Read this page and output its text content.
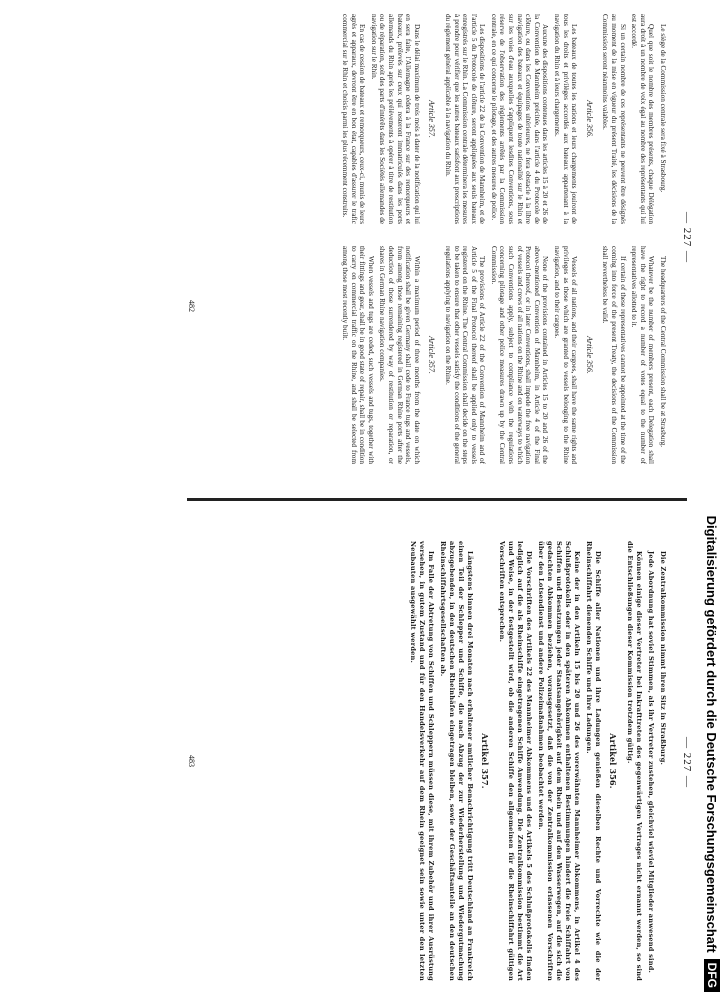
— 227 —

Le siège de la Commission centrale sera fixé à Strasbourg.

Quel que soit le nombre des membres présents, chaque Délégation aura droit à un nombre de voix égal au nombre des représentants qui lui est accordé.

Si un certain nombre de ces représentants ne peuvent être désignés au moment de la mise en vigueur du présent Traité, les décisions de la Commission seront néanmoins valables.

Article 356.

Les bateaux de toutes les nations et leurs chargements jouiront de tous les droits et privilèges accordés aux bateaux appartenant à la navigation du Rhin et à leurs chargements.

Aucune des dispositions contenues dans les articles 15 à 20 et 26 de la Convention de Mannheim précitée, dans l'article 4 du Protocole de clôture, ou dans les Conventions ultérieures, ne fera obstacle à la libre navigation des bateaux et équipages de toute nationalité sur le Rhin et sur les voies d'eau auxquelles s'appliquent lesdites Conventions, sous réserve de l'observation des règlements arrêtés par la Commission centrale, en ce qui concerne le pilotage, et des autres mesures de police.

Les dispositions de l'article 22 de la Convention de Mannheim, et de l'article 5 du Protocole de clôture, seront appliquées aux seuls bateaux enregistrés sur le Rhin. La Commission centrale déterminera les mesures à prendre pour vérifier que les autres bateaux satisfont aux prescriptions du règlement général applicable à la navigation du Rhin.

Article 357.

Dans le délai maximum de trois mois à dater de la notification qui lui en sera faite, l'Allemagne cèdera à la France sur des remorqueurs et bateaux, prélevés sur ceux qui resteront immatriculés dans les ports allemands du Rhin après les prélèvements à opérer à titre de restitution ou de réparation, soit des parts d'intérêts dans les Sociétés allemandes de navigation sur le Rhin.

En cas de cession de bateaux et remorqueurs, ceux-ci, munis de leurs agrès et apparaux, devront être en bon état, capables d'assurer le trafic commercial sur le Rhin et choisis parmi les plus récemment construits.

The headquarters of the Central Commission shall be at Strasburg.

Whatever be the number of members present, each Delegation shall have the right to record a number of votes equal to the number of representatives allotted to it.

If certain of these representatives cannot be appointed at the time of the coming into force of the present Treaty, the decisions of the Commission shall nevertheless be valid.

Article 356.

Vessels of all nations, and their cargoes, shall have the same rights and privileges as those which are granted to vessels belonging to the Rhine navigation, and to their cargoes.

None of the provisions contained in Articles 15 to 20 and 26 of the above-mentioned Convention of Mannheim, in Article 4 of the Final Protocol thereof, or in later Conventions, shall impede the free navigation of vessels and crews of all nations on the Rhine and on waterways to which such Conventions apply, subject to compliance with the regulations concerning pilotage and other police measures drawn up by the Central Commission.

The provisions of Article 22 of the Convention of Mannheim and of Article 5 of the Final Protocol thereof shall be applied only to vessels registered on the Rhine. The Central Commission shall decide on the steps to be taken to ensure that other vessels satisfy the conditions of the general regulations applying to navigation on the Rhine.

Article 357.

Within a maximum period of three months from the date on which notification shall be given Germany shall cede to France tugs and vessels, from among those remaining registered in German Rhine ports after the deduction of those surrendered by way of restitution or reparation, or shares in German Rhine navigation companies.

When vessels and tugs are ceded, such vessels and tugs, together with their fittings and gear, shall be in good state of repair, shall be in condition to carry on commercial traffic on the Rhine, and shall be selected from among those most recently built.

482
— 227 —

Die Zentralkommission nimmt ihren Sitz in Straßburg.

Jede Abordnung hat soviel Stimmen, als ihr Vertreter zustehen, gleichviel wieviel Mitglieder anwesend sind.

Können einige dieser Vertreter bei Inkrafttreten des gegenwärtigen Vertrages nicht ernannt werden, so sind die Entschließungen dieser Kommission trotzdem gültig.

Artikel 356.

Die Schiffe aller Nationen und ihre Ladungen genießen dieselben Rechte und Vorrechte wie die der Rheinschiffahrt dienenden Schiffe und ihre Ladungen.

Keine der in den Artikeln 15 bis 20 und 26 des vorerwähnten Mannheimer Abkommens, in Artikel 4 des Schlußprotokolls oder in den späteren Abkommen enthaltenen Bestimmungen hindert die freie Schiffahrt von Schiffen und Besatzungen jeder Staatsangehörigkeit auf dem Rhein und auf den Wasserwegen, auf die sich die gedachten Abkommen beziehen, vorausgesetzt, daß die von der Zentralkommission erlassenen Vorschriften über den Lotsendienst und andere Polizeimaßnahmen beobachtet werden.

Die Vorschriften des Artikels 22 des Mannheimer Abkommens und des Artikels 5 des Schlußprotokolls finden lediglich auf die als Rheinschiffe eingetragenen Schiffe Anwendung. Die Zentralkommission bestimmt die Art und Weise, in der festgestellt wird, ob die anderen Schiffe den allgemeinen für die Rheinschiffahrt gültigen Vorschriften entsprechen.

Artikel 357.

Längstens binnen drei Monaten nach erhaltener amtlicher Benachrichtigung tritt Deutschland an Frankreich einen Teil der Schlepper und Schiffe, die nach Abzug der zur Wiederherstellung und Wiedergutmachung abzugebenden, in den deutschen Rheinhäfen eingetragen bleiben, sowie der Geschäftsanteile an den deutschen Rheinschiffahrtsgesellschaften ab.

Im Falle der Abtretung von Schiffen und Schleppern müssen diese, mit ihrem Zubehör und ihrer Ausrüstung versehen, in gutem Zustand und für den Handelsverkehr auf dem Rhein geeignet sein sowie unter den letzten Neubauten ausgewählt werden.

483	Digitalisierung gefördert durch die Deutsche Forschungsgemeinschaft
DFG
